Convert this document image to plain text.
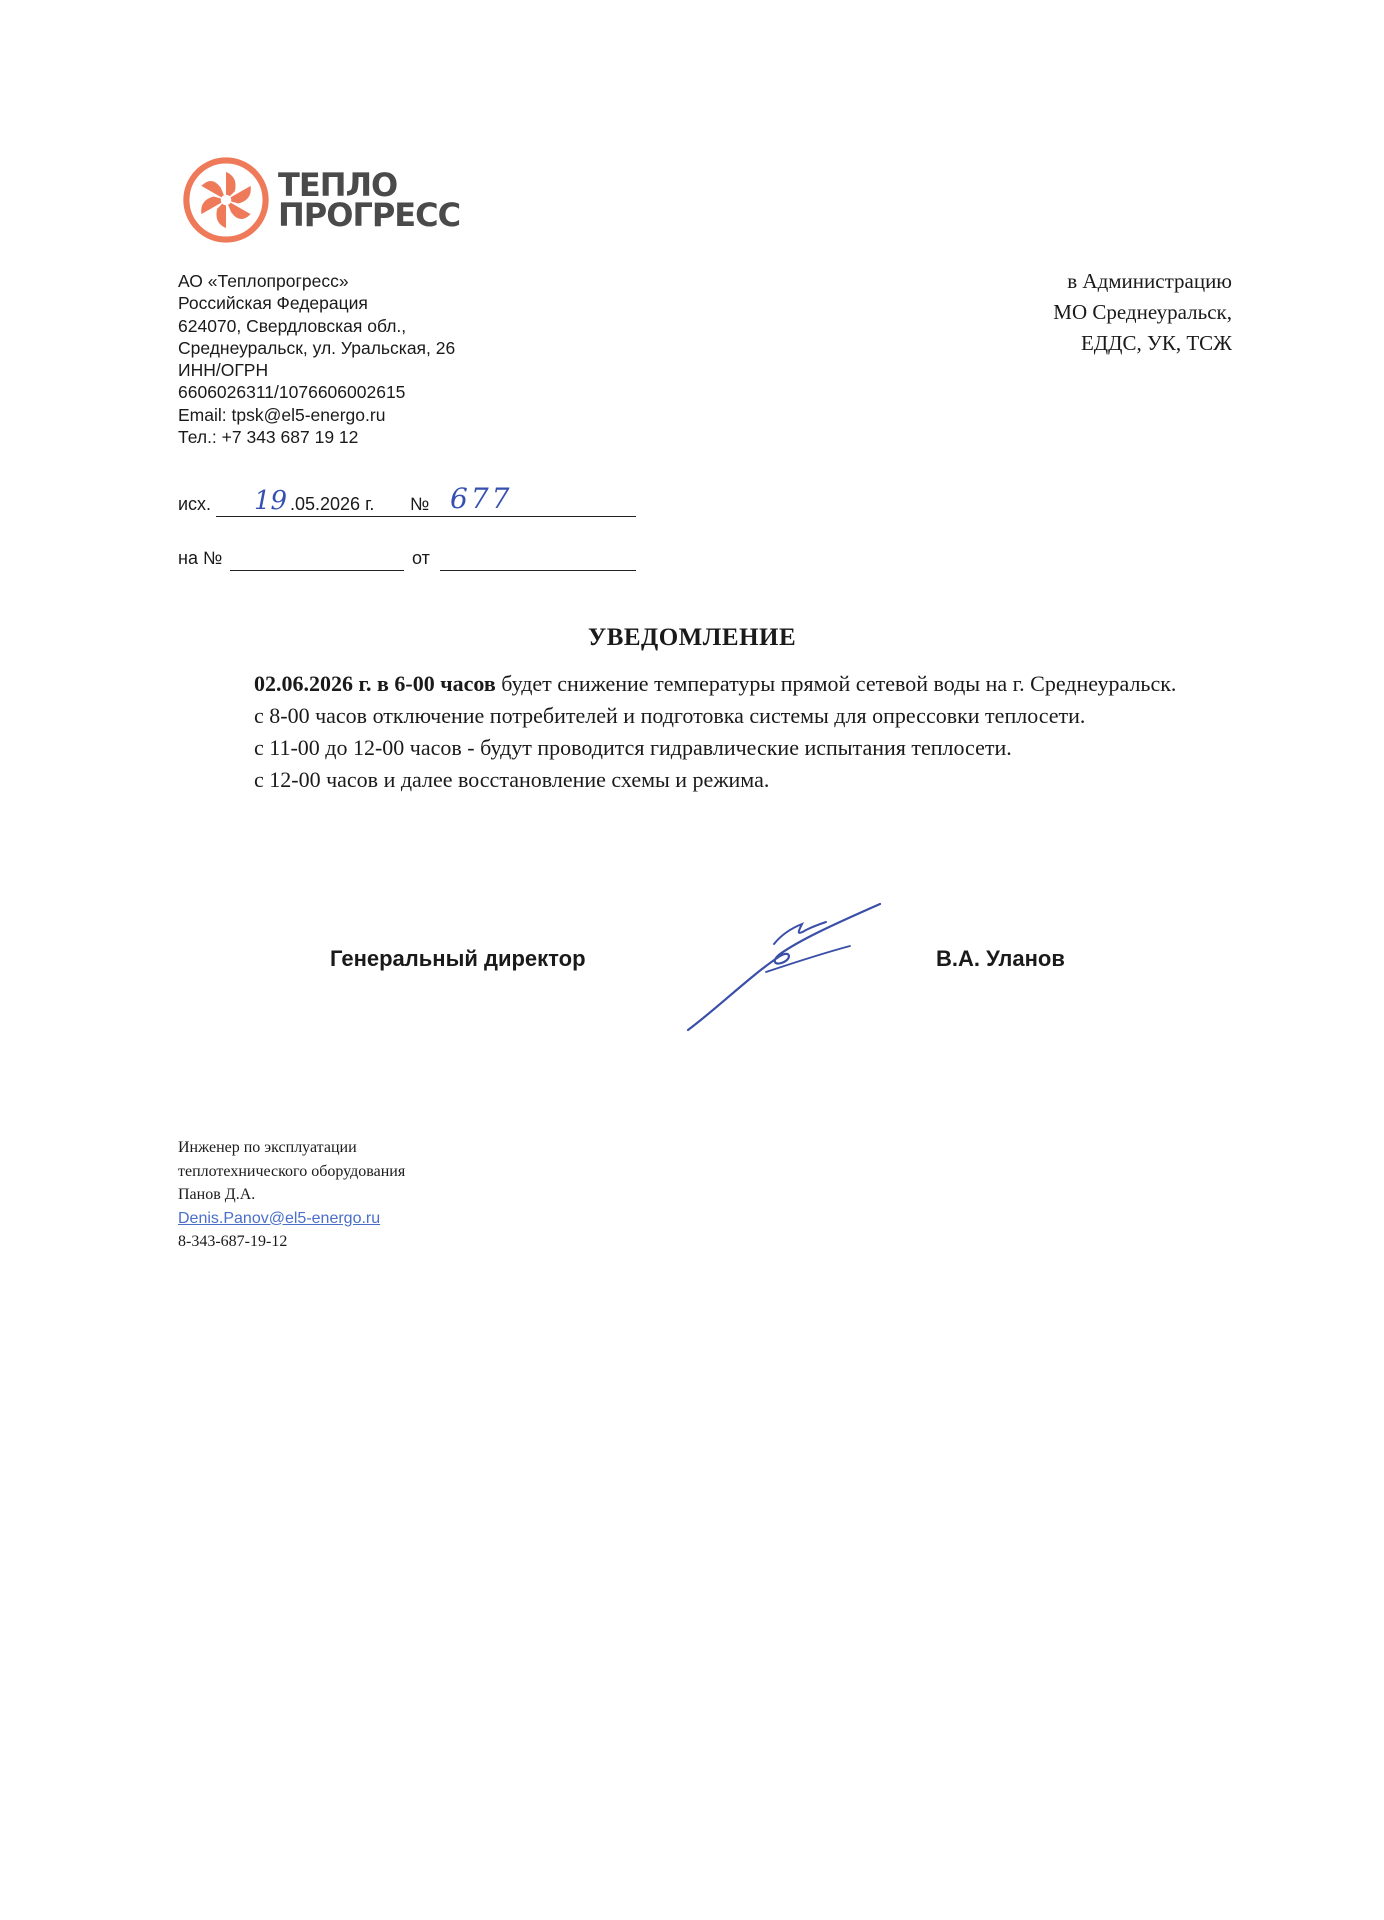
ТЕПЛО
ПРОГРЕСС
АО «Теплопрогресс»
Российская Федерация
624070, Свердловская обл.,
Среднеуральск, ул. Уральская, 26
ИНН/ОГРН
6606026311/1076606002615
Email: tpsk@el5-energo.ru
Тел.: +7 343 687 19 12
в Администрацию
МО Среднеуральск,
ЕДДС, УК, ТСЖ
исх. 19 .05.2026 г. № 677
на №	от
УВЕДОМЛЕНИЕ

02.06.2026 г. в 6-00 часов будет снижение температуры прямой сетевой воды на г. Среднеуральск.

с 8-00 часов отключение потребителей и подготовка системы для опрессовки теплосети.

с 11-00 до 12-00 часов - будут проводится гидравлические испытания теплосети.

с 12-00 часов и далее восстановление схемы и режима.

Генеральный директор	В.А. Уланов
Инженер по эксплуатации
теплотехнического оборудования
Панов Д.А.
Denis.Panov@el5-energo.ru
8-343-687-19-12
